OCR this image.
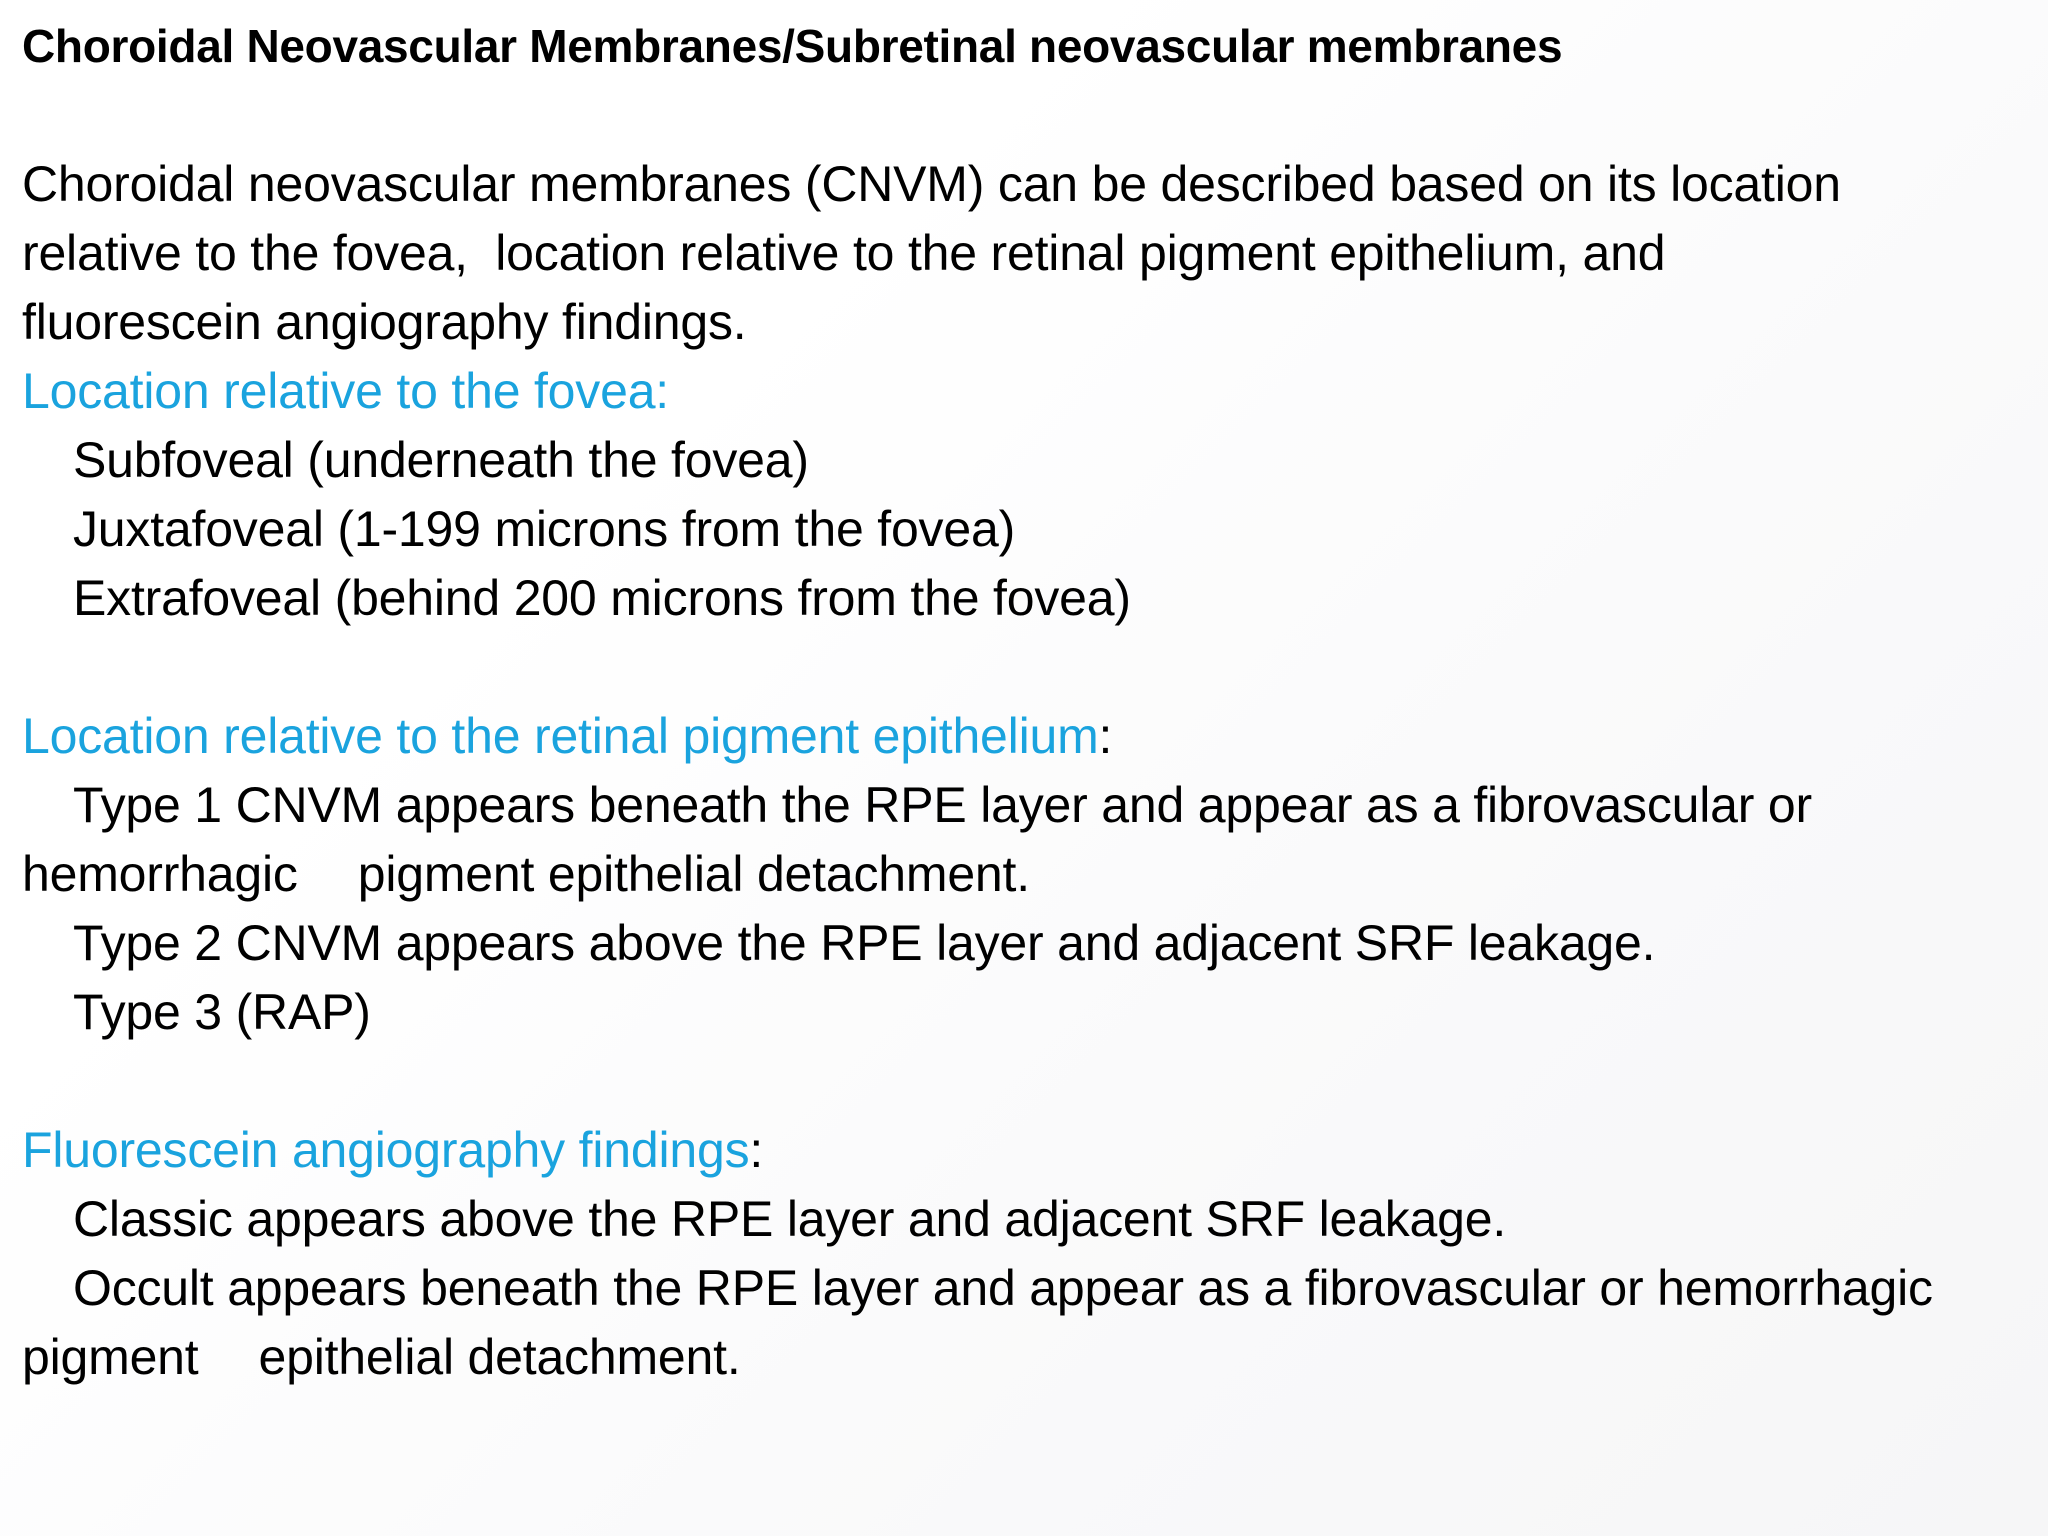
Choroidal Neovascular Membranes/Subretinal neovascular membranes
Choroidal neovascular membranes (CNVM) can be described based on its location
relative to the fovea,  location relative to the retinal pigment epithelium, and
fluorescein angiography findings.
Location relative to the fovea:
Subfoveal (underneath the fovea)
Juxtafoveal (1-199 microns from the fovea)
Extrafoveal (behind 200 microns from the fovea)
Location relative to the retinal pigment epithelium:
Type 1 CNVM appears beneath the RPE layer and appear as a fibrovascular or
hemorrhagic pigment epithelial detachment.
Type 2 CNVM appears above the RPE layer and adjacent SRF leakage.
Type 3 (RAP)
Fluorescein angiography findings:
Classic appears above the RPE layer and adjacent SRF leakage.
Occult appears beneath the RPE layer and appear as a fibrovascular or hemorrhagic
pigment epithelial detachment.
